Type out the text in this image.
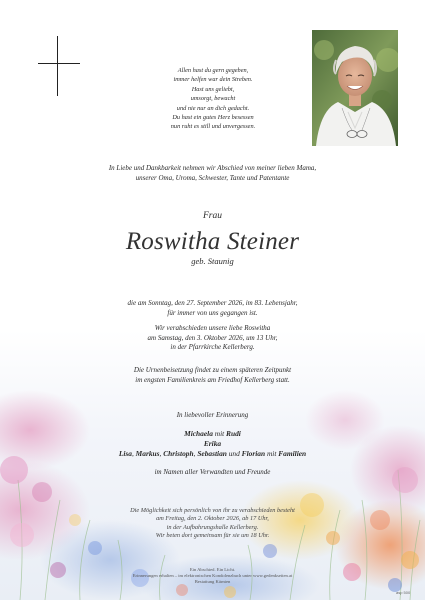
Allen hast du gern gegeben,
immer helfen war dein Streben.
Hast uns geliebt,
umsorgt, bewacht
und nie nur an dich gedacht.
Du hast ein gutes Herz besessen
nun ruht es still und unvergessen.
In Liebe und Dankbarkeit nehmen wir Abschied von meiner lieben Mama,
unserer Oma, Uroma, Schwester, Tante und Patentante
Frau
Roswitha Steiner
geb. Staunig
die am Sonntag, den 27. September 2026, im 83. Lebensjahr,
für immer von uns gegangen ist.
Wir verabschieden unsere liebe Roswitha
am Samstag, den 3. Oktober 2026, um 13 Uhr,
in der Pfarrkirche Kellerberg.
Die Urnenbeisetzung findet zu einem späteren Zeitpunkt
im engsten Familienkreis am Friedhof Kellerberg statt.
In liebevoller Erinnerung
Michaela mit Rudi
Erika
Lisa, Markus, Christoph, Sebastian und Florian mit Familien
im Namen aller Verwandten und Freunde
Die Möglichkeit sich persönlich von ihr zu verabschieden besteht
am Freitag, den 2. Oktober 2026, ab 17 Uhr,
in der Aufbahrungshalle Kellerberg.
Wir beten dort gemeinsam für sie um 18 Uhr.
Ein Abschied. Ein Licht.
Erinnerungen erhalten – im elektronischen Kondolenzbuch unter www.gedenkseiten.at
Bestattung Kärnten
asp 500
